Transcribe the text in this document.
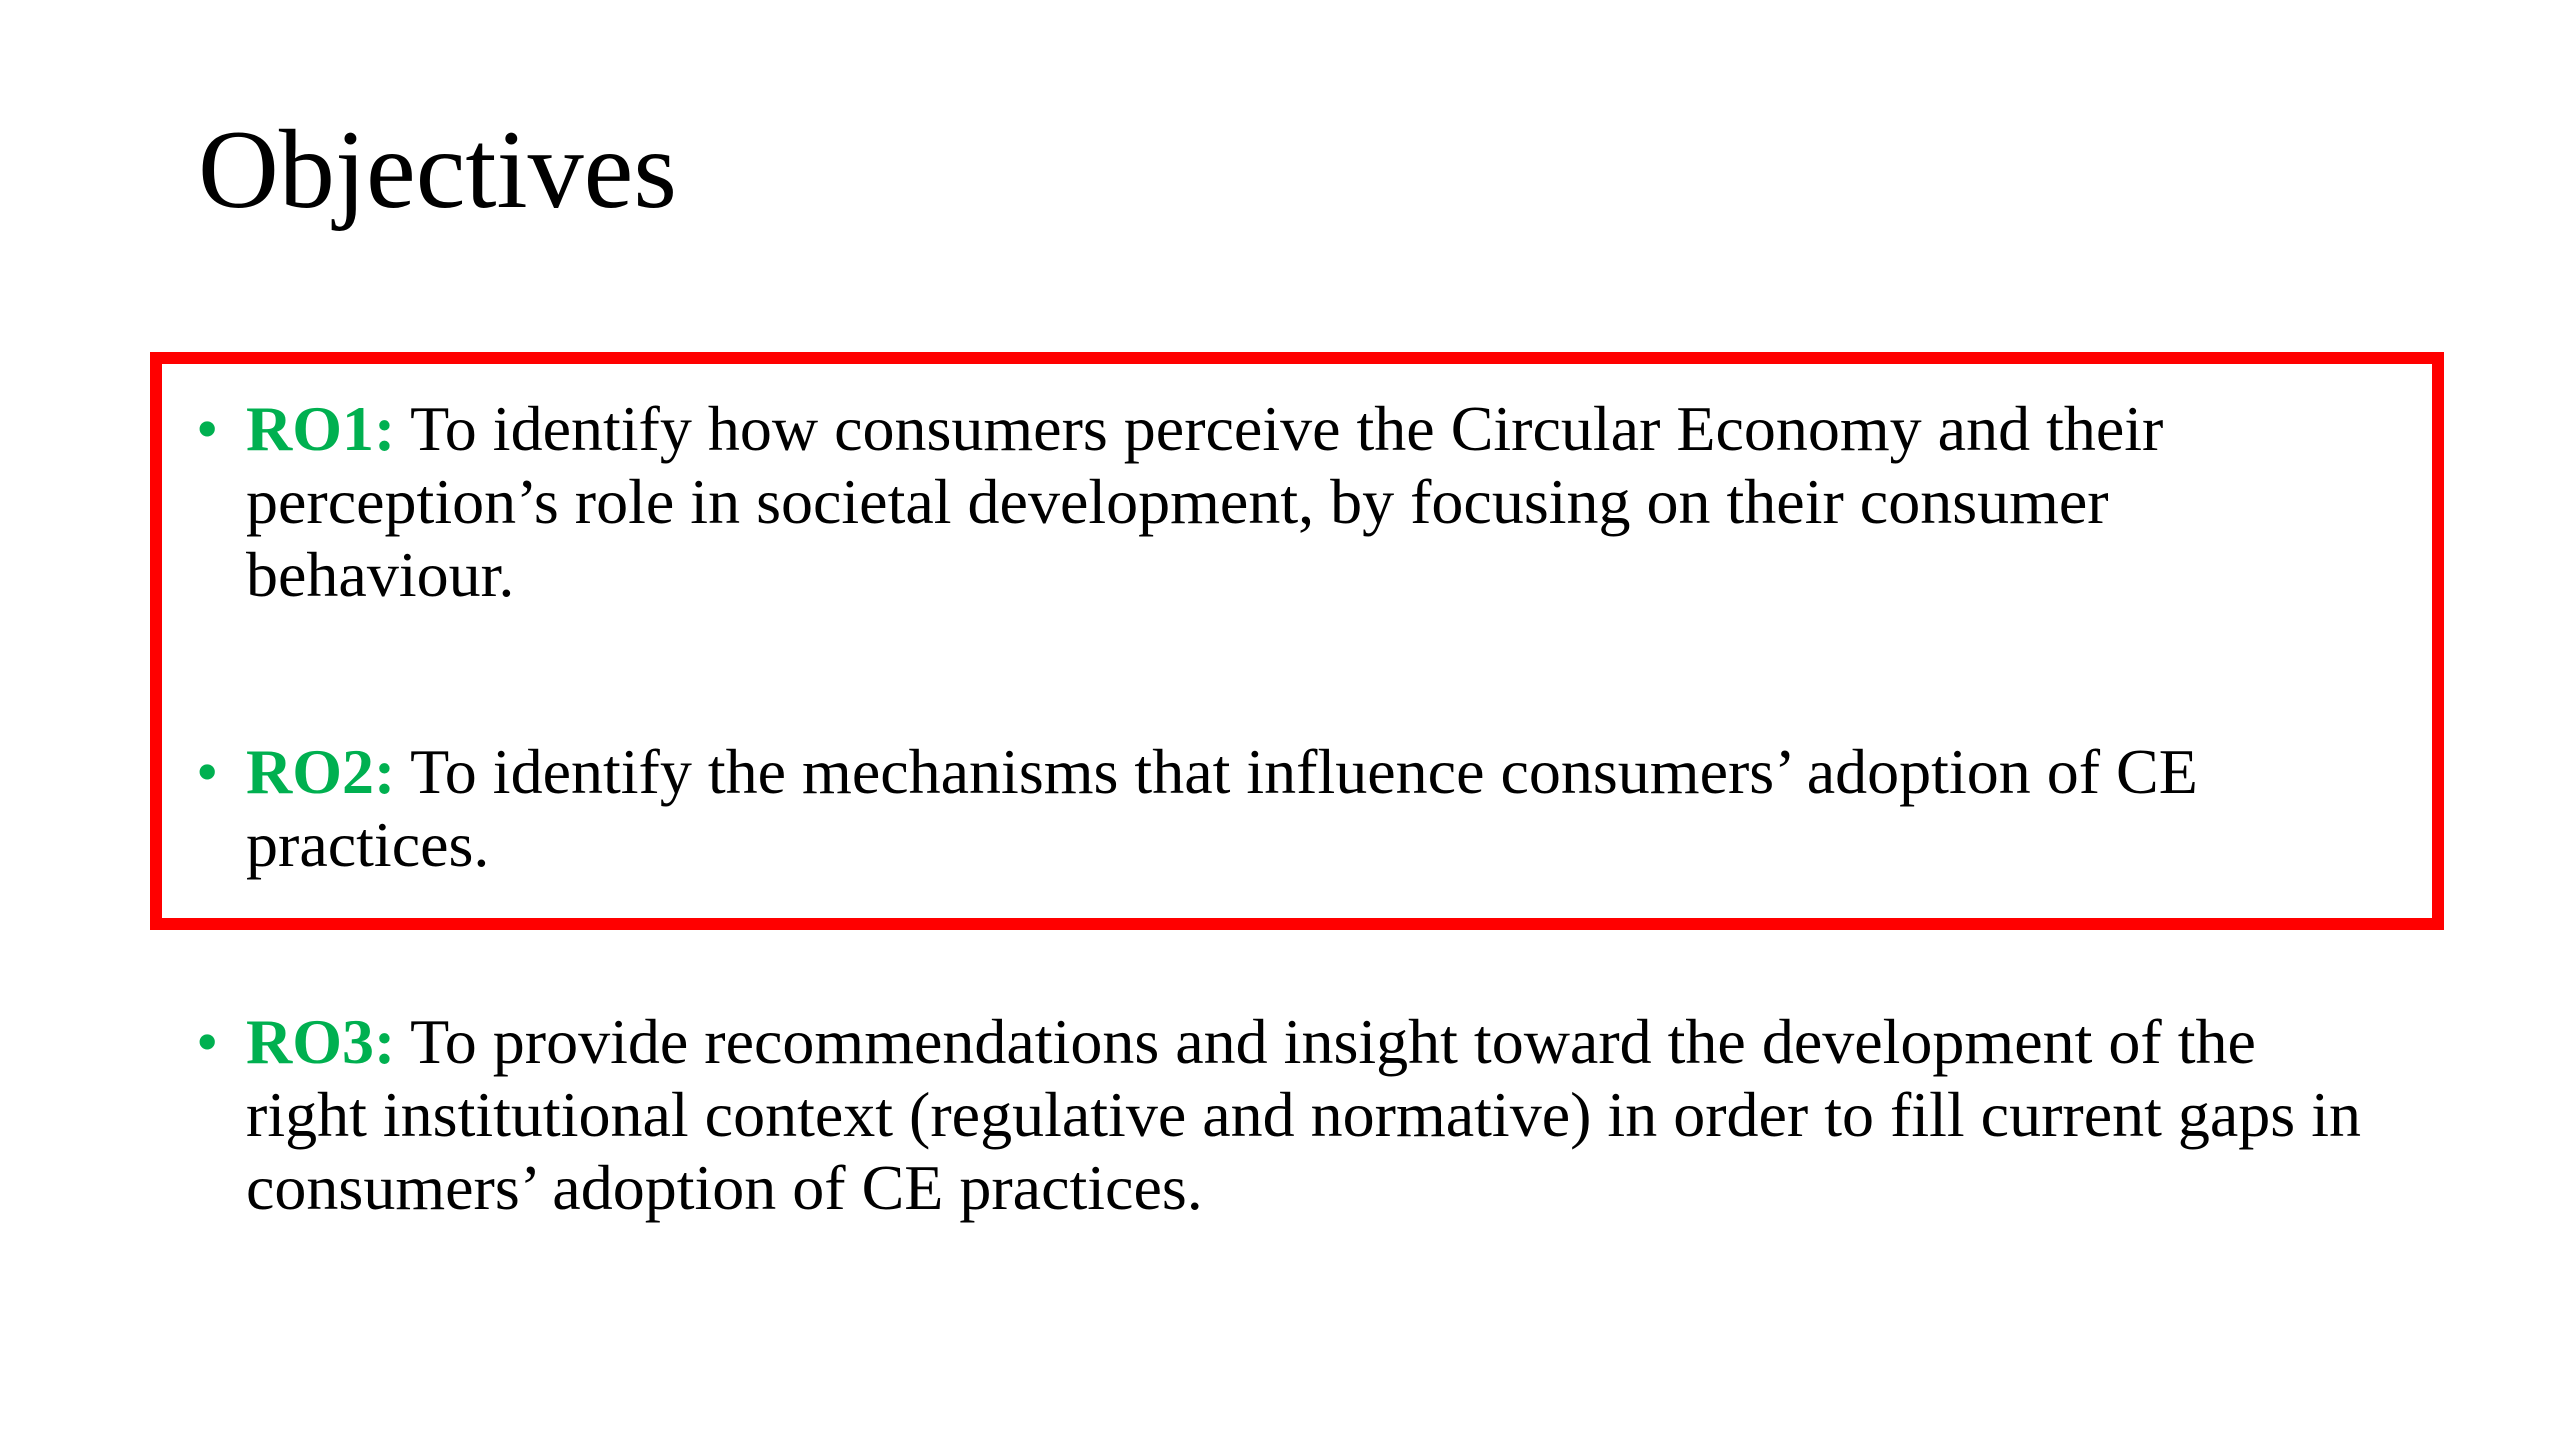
Objectives
• RO1: To identify how consumers perceive the Circular Economy and their perception’s role in societal development, by focusing on their consumer behaviour.
• RO2: To identify the mechanisms that influence consumers’ adoption of CE practices.
• RO3: To provide recommendations and insight toward the development of the right institutional context (regulative and normative) in order to fill current gaps in consumers’ adoption of CE practices.
